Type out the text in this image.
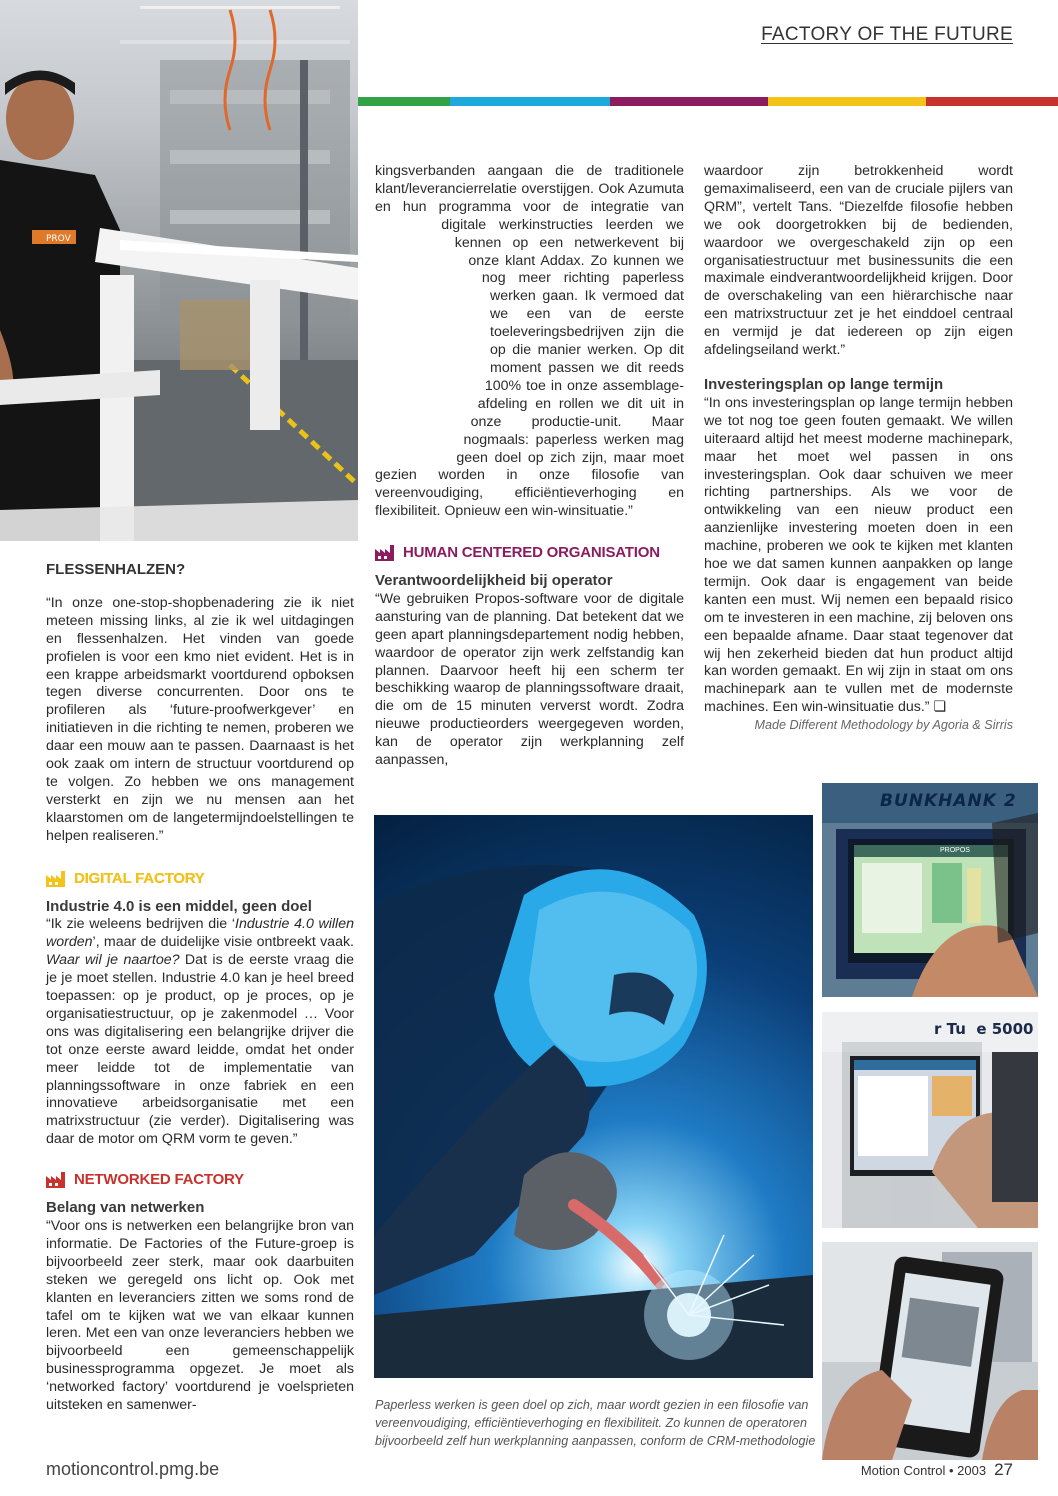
PROV
FACTORY OF THE FUTURE
FLESSENHALZEN?

“In onze one-stop-shopbenadering zie ik niet meteen missing links, al zie ik wel uitdagingen en flessenhalzen. Het vinden van goede profielen is voor een kmo niet evident. Het is in een krappe arbeidsmarkt voortdurend opboksen tegen diverse concurrenten. Door ons te profileren als ‘future-proofwerkgever’ en initiatieven in die richting te nemen, proberen we daar een mouw aan te passen. Daarnaast is het ook zaak om intern de structuur voortdurend op te volgen. Zo hebben we ons management versterkt en zijn we nu mensen aan het klaarstomen om de langetermijndoelstellingen te helpen realiseren.”

DIGITAL FACTORY
Industrie 4.0 is een middel, geen doel

“Ik zie weleens bedrijven die ‘Industrie 4.0 willen worden’, maar de duidelijke visie ontbreekt vaak. Waar wil je naartoe? Dat is de eerste vraag die je je moet stellen. Industrie 4.0 kan je heel breed toepassen: op je product, op je proces, op je organisatiestructuur, op je zakenmodel … Voor ons was digitalisering een belangrijke drijver die tot onze eerste award leidde, omdat het onder meer leidde tot de implementatie van planningssoftware in onze fabriek en een innovatieve arbeidsorganisatie met een matrixstructuur (zie verder). Digitalisering was daar de motor om QRM vorm te geven.”

NETWORKED FACTORY
Belang van netwerken

“Voor ons is netwerken een belangrijke bron van informatie. De Factories of the Future-groep is bijvoorbeeld zeer sterk, maar ook daarbuiten steken we geregeld ons licht op. Ook met klanten en leveranciers zitten we soms rond de tafel om te kijken wat we van elkaar kunnen leren. Met een van onze leveranciers hebben we bijvoorbeeld een gemeenschappelijk businessprogramma opgezet. Je moet als ‘networked factory’ voortdurend je voelsprieten uitsteken en samenwer-

kingsverbanden aangaan die de traditionele klant/leverancierrelatie overstijgen. Ook Azumuta en hun programma voor de integratie van digitale werkinstructies leerden we kennen op een netwerkevent bij onze klant Addax. Zo kunnen we nog meer richting paperless werken gaan. Ik vermoed dat we een van de eerste toeleveringsbedrijven zijn die op die manier werken. Op dit moment passen we dit reeds 100% toe in onze assemblage-afdeling en rollen we dit uit in onze productie-unit. Maar nogmaals: paperless werken mag geen doel op zich zijn, maar moet gezien worden in onze filosofie van vereenvoudiging, efficiëntieverhoging en flexibiliteit. Opnieuw een win-winsituatie.”

HUMAN CENTERED ORGANISATION
Verantwoordelijkheid bij operator

“We gebruiken Propos-software voor de digitale aansturing van de planning. Dat betekent dat we geen apart planningsdepartement nodig hebben, waardoor de operator zijn werk zelfstandig kan plannen. Daarvoor heeft hij een scherm ter beschikking waarop de planningssoftware draait, die om de 15 minuten ververst wordt. Zodra nieuwe productieorders weergegeven worden, kan de operator zijn werkplanning zelf aanpassen,

waardoor zijn betrokkenheid wordt gemaximaliseerd, een van de cruciale pijlers van QRM”, vertelt Tans. “Diezelfde filosofie hebben we ook doorgetrokken bij de bedienden, waardoor we overgeschakeld zijn op een organisatiestructuur met businessunits die een maximale eindverantwoordelijkheid krijgen. Door de overschakeling van een hiërarchische naar een matrixstructuur zet je het einddoel centraal en vermijd je dat iedereen op zijn eigen afdelingseiland werkt.”

Investeringsplan op lange termijn

“In ons investeringsplan op lange termijn hebben we tot nog toe geen fouten gemaakt. We willen uiteraard altijd het meest moderne machinepark, maar het moet wel passen in ons investeringsplan. Ook daar schuiven we meer richting partnerships. Als we voor de ontwikkeling van een nieuw product een aanzienlijke investering moeten doen in een machine, proberen we ook te kijken met klanten hoe we dat samen kunnen aanpakken op lange termijn. Ook daar is engagement van beide kanten een must. Wij nemen een bepaald risico om te investeren in een machine, zij beloven ons een bepaalde afname. Daar staat tegenover dat wij hen zekerheid bieden dat hun product altijd kan worden gemaakt. En wij zijn in staat om ons machinepark aan te vullen met de modernste machines. Een win-winsituatie dus.” ❏

Made Different Methodology by Agoria & Sirris
BUNKHANK 2
PROPOS
r Tu  e 5000
Paperless werken is geen doel op zich, maar wordt gezien in een filosofie van vereenvoudiging, efficiëntieverhoging en flexibiliteit. Zo kunnen de operatoren bijvoorbeeld zelf hun werkplanning aanpassen, conform de CRM-methodologie
motioncontrol.pmg.be	Motion Control • 2003 27
